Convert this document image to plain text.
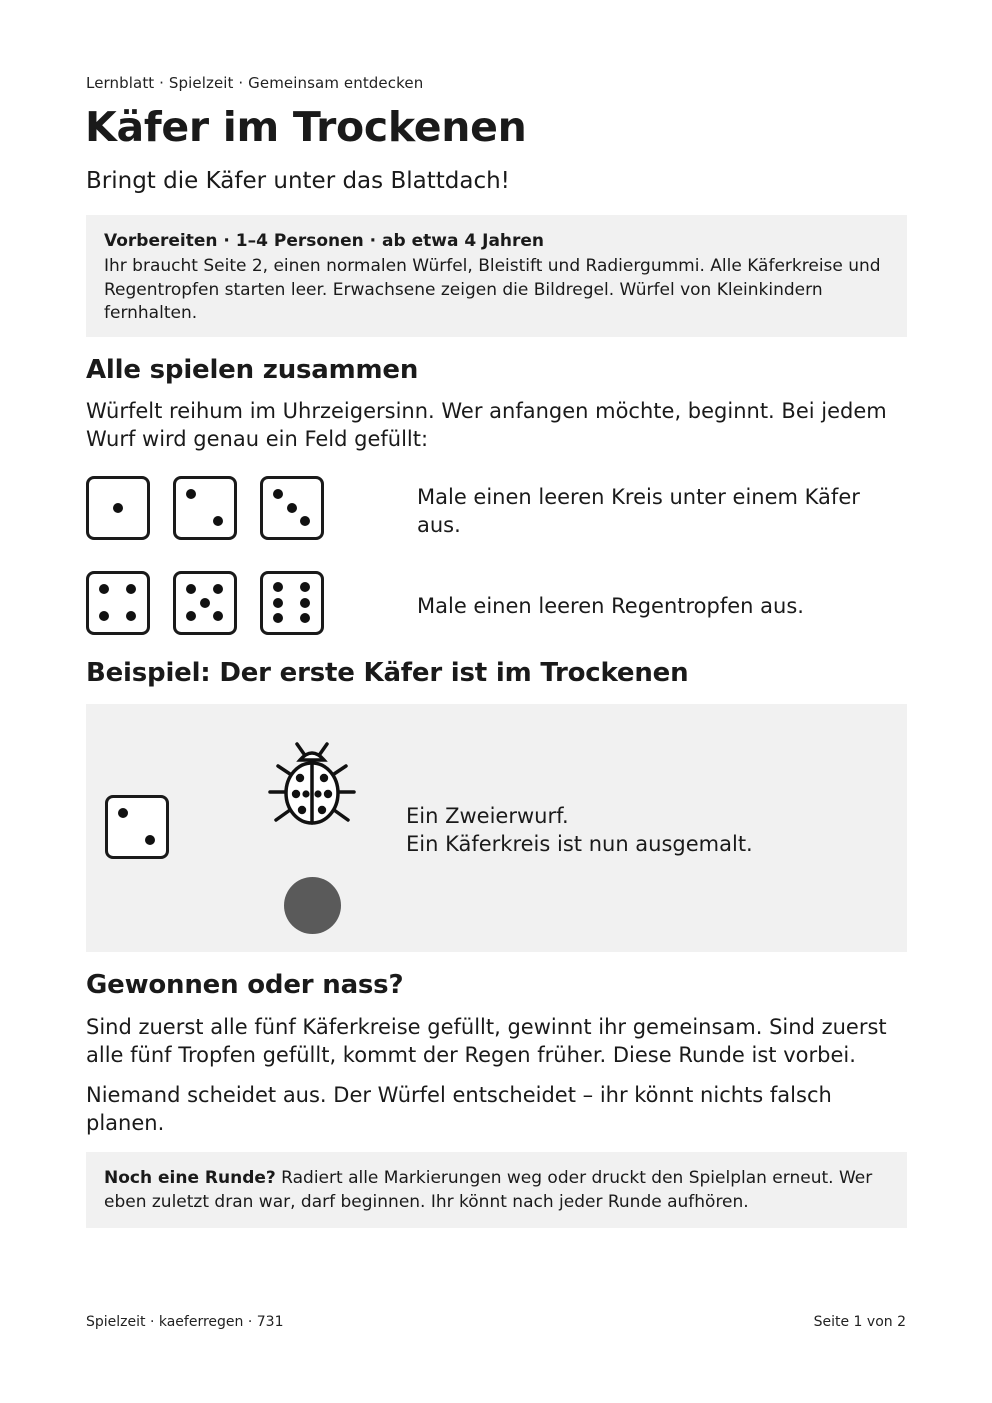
Lernblatt · Spielzeit · Gemeinsam entdecken
Käfer im Trockenen
Bringt die Käfer unter das Blattdach!
Vorbereiten · 1–4 Personen · ab etwa 4 Jahren
Ihr braucht Seite 2, einen normalen Würfel, Bleistift und Radiergummi. Alle Käferkreise und Regentropfen starten leer. Erwachsene zeigen die Bildregel. Würfel von Kleinkindern fernhalten.
Alle spielen zusammen
Würfelt reihum im Uhrzeigersinn. Wer anfangen möchte, beginnt. Bei jedem Wurf wird genau ein Feld gefüllt:
Male einen leeren Kreis unter einem Käfer aus.
Male einen leeren Regentropfen aus.
Beispiel: Der erste Käfer ist im Trockenen
Ein Zweierwurf.
Ein Käferkreis ist nun ausgemalt.
Gewonnen oder nass?
Sind zuerst alle fünf Käferkreise gefüllt, gewinnt ihr gemeinsam. Sind zuerst alle fünf Tropfen gefüllt, kommt der Regen früher. Diese Runde ist vorbei.
Niemand scheidet aus. Der Würfel entscheidet – ihr könnt nichts falsch planen.
Noch eine Runde? Radiert alle Markierungen weg oder druckt den Spielplan erneut. Wer eben zuletzt dran war, darf beginnen. Ihr könnt nach jeder Runde aufhören.
Spielzeit · kaeferregen · 731	Seite 1 von 2
